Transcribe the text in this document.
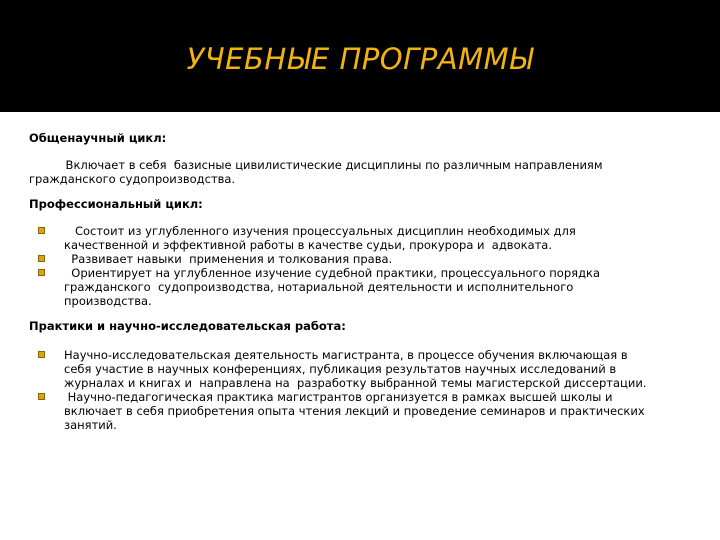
УЧЕБНЫЕ ПРОГРАММЫ
Общенаучный цикл:
Включает в себя  базисные цивилистические дисциплины по различным направлениям
гражданского судопроизводства.
Профессиональный цикл:
Состоит из углубленного изучения процессуальных дисциплин необходимых для
качественной и эффективной работы в качестве судьи, прокурора и  адвоката.
Развивает навыки  применения и толкования права.
Ориентирует на углубленное изучение судебной практики, процессуального порядка
гражданского  судопроизводства, нотариальной деятельности и исполнительного
производства.
Практики и научно-исследовательская работа:
Научно-исследовательская деятельность магистранта, в процессе обучения включающая в
себя участие в научных конференциях, публикация результатов научных исследований в
журналах и книгах и  направлена на  разработку выбранной темы магистерской диссертации.
Научно-педагогическая практика магистрантов организуется в рамках высшей школы и
включает в себя приобретения опыта чтения лекций и проведение семинаров и практических
занятий.
